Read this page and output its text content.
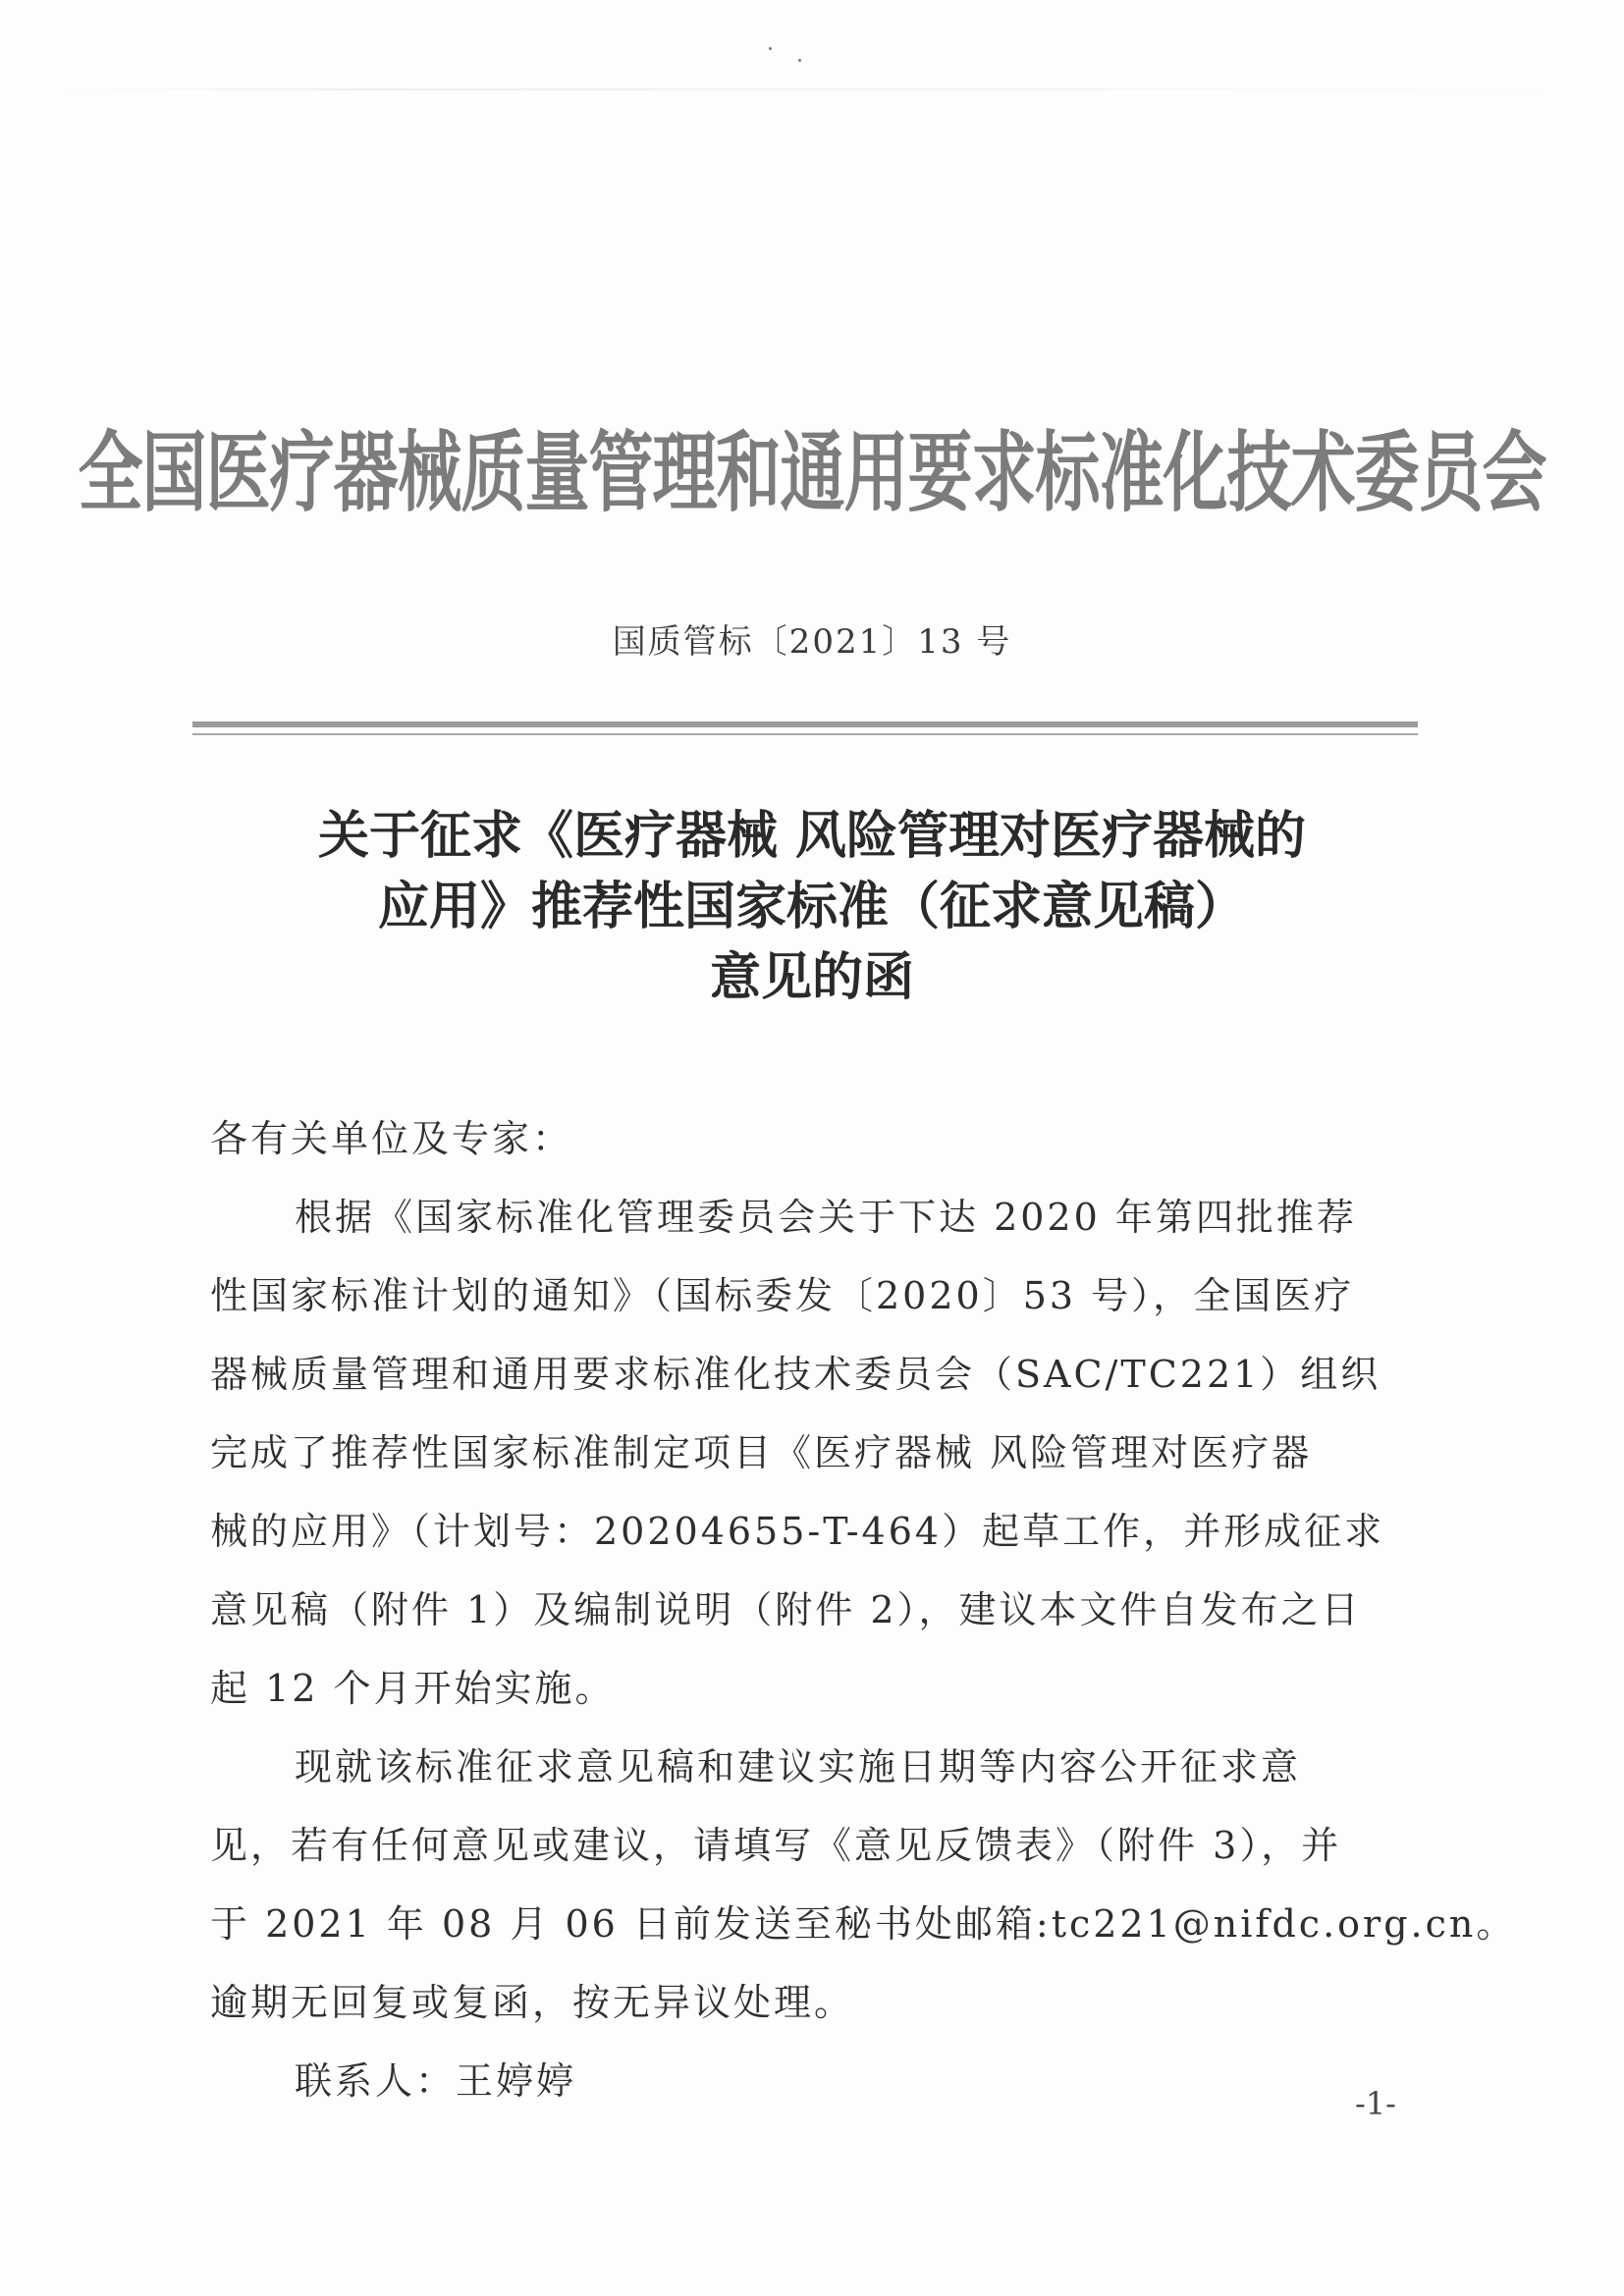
全国医疗器械质量管理和通用要求标准化技术委员会
国质管标〔2021〕13 号
关于征求《医疗器械 风险管理对医疗器械的
应用》推荐性国家标准（征求意见稿）
意见的函
各有关单位及专家：
根据《国家标准化管理委员会关于下达 2020 年第四批推荐
性国家标准计划的通知》（国标委发〔2020〕53 号），全国医疗
器械质量管理和通用要求标准化技术委员会（SAC/TC221）组织
完成了推荐性国家标准制定项目《医疗器械 风险管理对医疗器
械的应用》（计划号：20204655-T-464）起草工作，并形成征求
意见稿（附件 1）及编制说明（附件 2），建议本文件自发布之日
起 12 个月开始实施。
现就该标准征求意见稿和建议实施日期等内容公开征求意
见，若有任何意见或建议，请填写《意见反馈表》（附件 3），并
于 2021 年 08 月 06 日前发送至秘书处邮箱:tc221@nifdc.org.cn。
逾期无回复或复函，按无异议处理。
联系人：王婷婷
-1-
